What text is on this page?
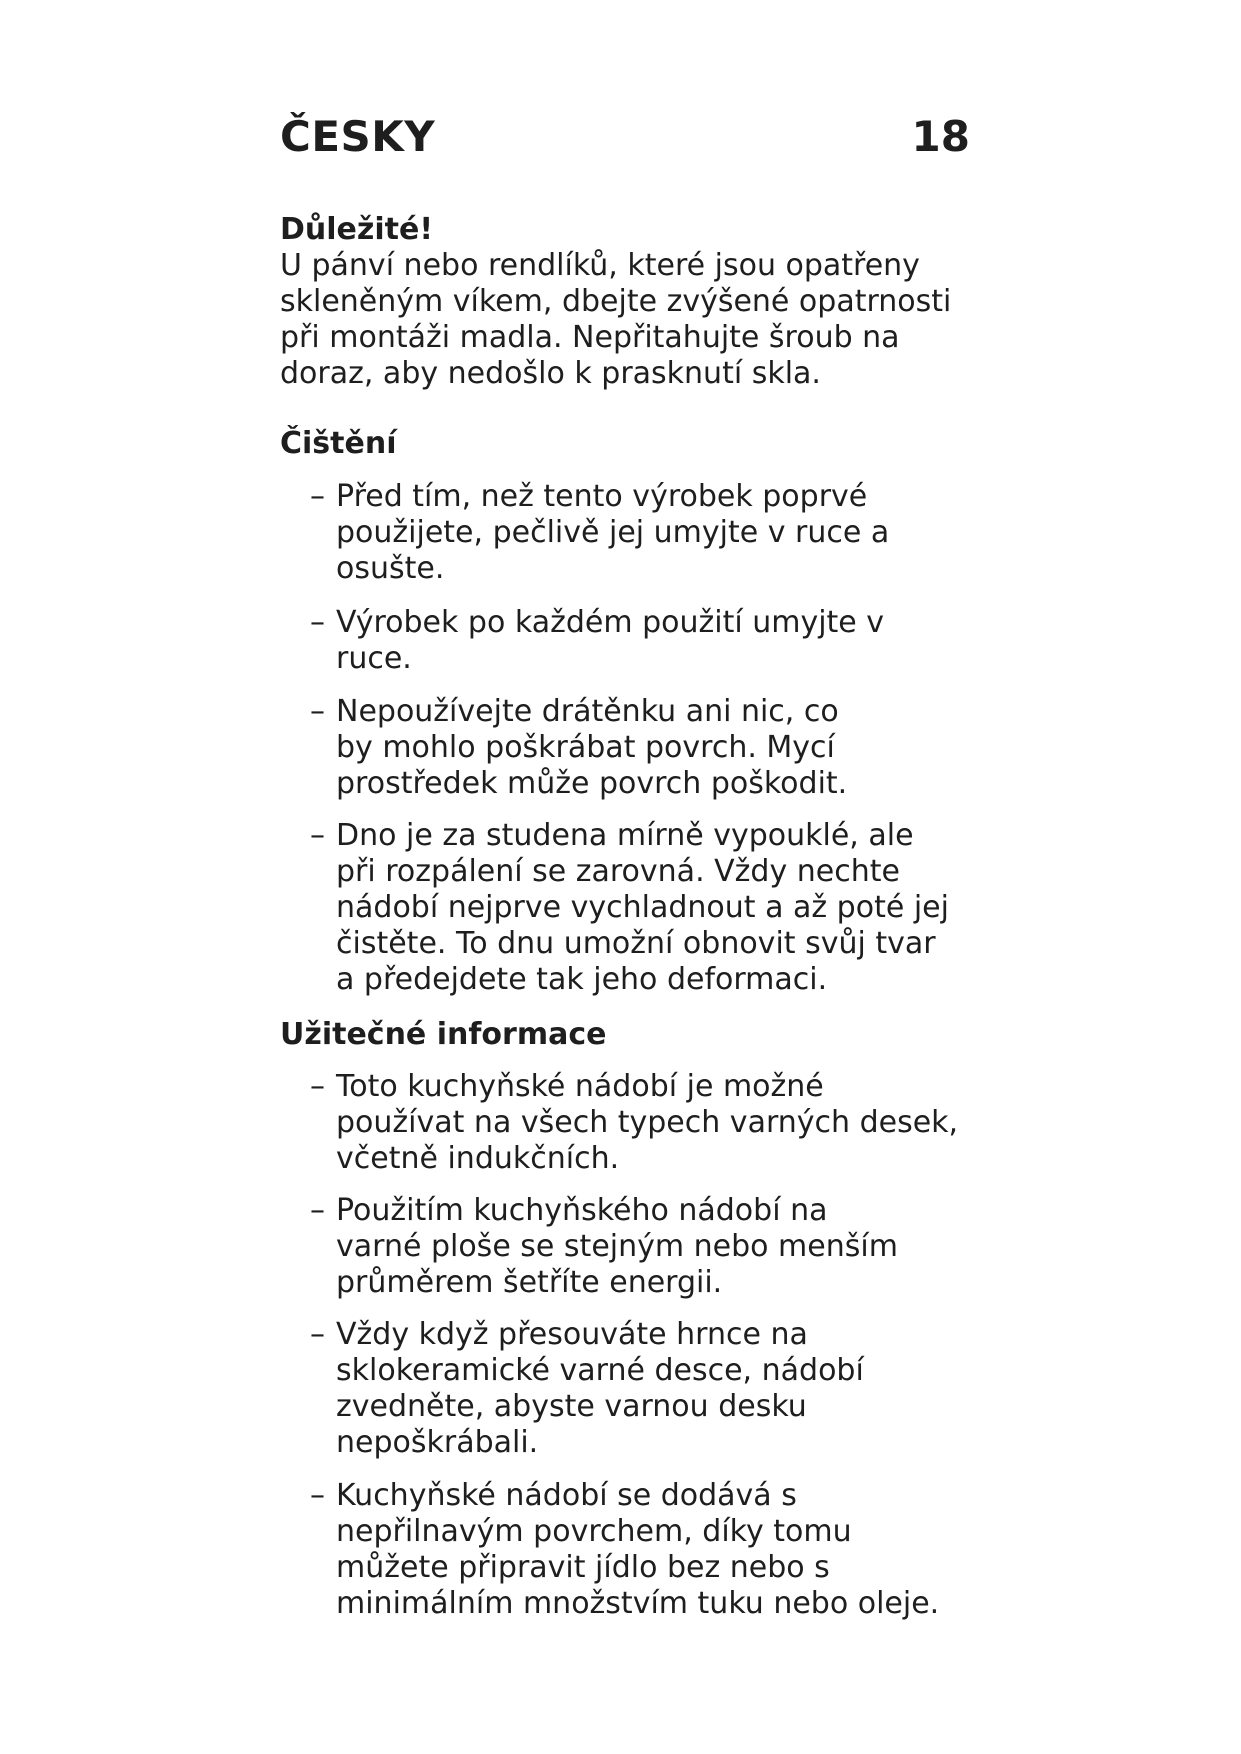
ČESKY	18
Důležité!

U pánví nebo rendlíků, které jsou opatřeny
skleněným víkem, dbejte zvýšené opatrnosti
při montáži madla. Nepřitahujte šroub na
doraz, aby nedošlo k prasknutí skla.

Čištění
– Před tím, než tento výrobek poprvé
použijete, pečlivě jej umyjte v ruce a
osušte.
– Výrobek po každém použití umyjte v
ruce.
– Nepoužívejte drátěnku ani nic, co
by mohlo poškrábat povrch. Mycí
prostředek může povrch poškodit.
– Dno je za studena mírně vypouklé, ale
při rozpálení se zarovná. Vždy nechte
nádobí nejprve vychladnout a až poté jej
čistěte. To dnu umožní obnovit svůj tvar
a předejdete tak jeho deformaci.
Užitečné informace
– Toto kuchyňské nádobí je možné
používat na všech typech varných desek,
včetně indukčních.
– Použitím kuchyňského nádobí na
varné ploše se stejným nebo menším
průměrem šetříte energii.
– Vždy když přesouváte hrnce na
sklokeramické varné desce, nádobí
zvedněte, abyste varnou desku
nepoškrábali.
– Kuchyňské nádobí se dodává s
nepřilnavým povrchem, díky tomu
můžete připravit jídlo bez nebo s
minimálním množstvím tuku nebo oleje.
